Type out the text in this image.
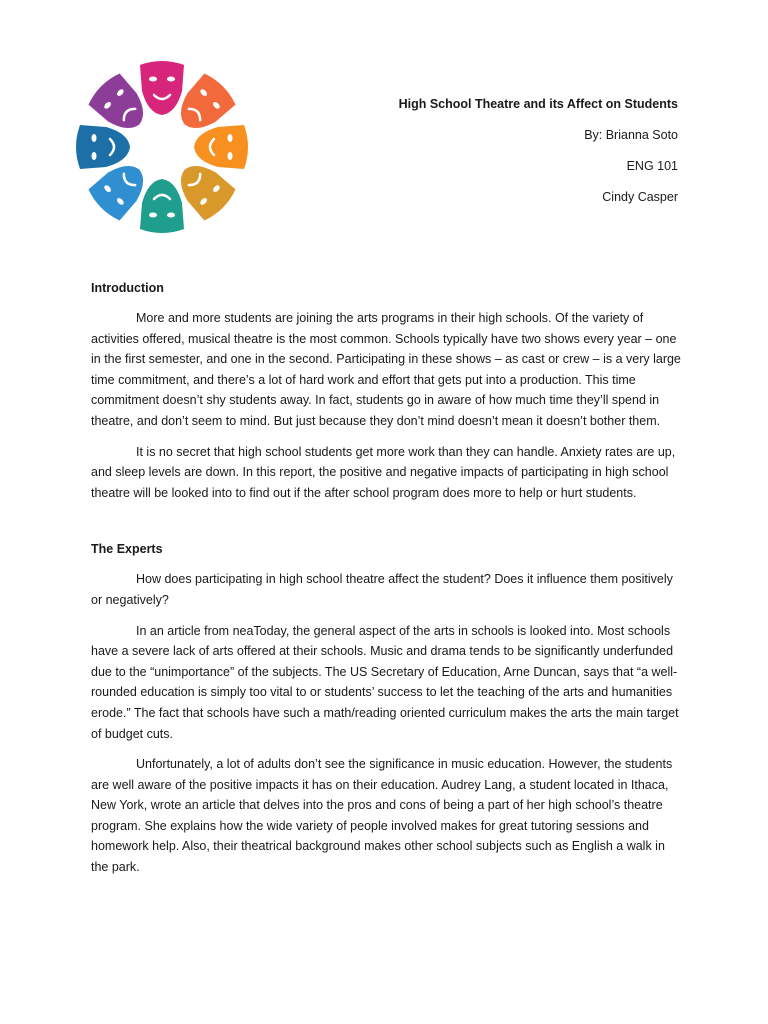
High School Theatre and its Affect on Students

By: Brianna Soto

ENG 101

Cindy Casper

Introduction

More and more students are joining the arts programs in their high schools. Of the variety of activities offered, musical theatre is the most common. Schools typically have two shows every year – one in the first semester, and one in the second. Participating in these shows – as cast or crew – is a very large time commitment, and there’s a lot of hard work and effort that gets put into a production. This time commitment doesn’t shy students away. In fact, students go in aware of how much time they’ll spend in theatre, and don’t seem to mind. But just because they don’t mind doesn’t mean it doesn’t bother them.

It is no secret that high school students get more work than they can handle. Anxiety rates are up, and sleep levels are down. In this report, the positive and negative impacts of participating in high school theatre will be looked into to find out if the after school program does more to help or hurt students.

The Experts

How does participating in high school theatre affect the student? Does it influence them positively or negatively?

In an article from neaToday, the general aspect of the arts in schools is looked into. Most schools have a severe lack of arts offered at their schools. Music and drama tends to be significantly underfunded due to the “unimportance” of the subjects. The US Secretary of Education, Arne Duncan, says that “a well-rounded education is simply too vital to or students’ success to let the teaching of the arts and humanities erode.” The fact that schools have such a math/reading oriented curriculum makes the arts the main target of budget cuts.

Unfortunately, a lot of adults don’t see the significance in music education. However, the students are well aware of the positive impacts it has on their education. Audrey Lang, a student located in Ithaca, New York, wrote an article that delves into the pros and cons of being a part of her high school’s theatre program. She explains how the wide variety of people involved makes for great tutoring sessions and homework help. Also, their theatrical background makes other school subjects such as English a walk in the park.
